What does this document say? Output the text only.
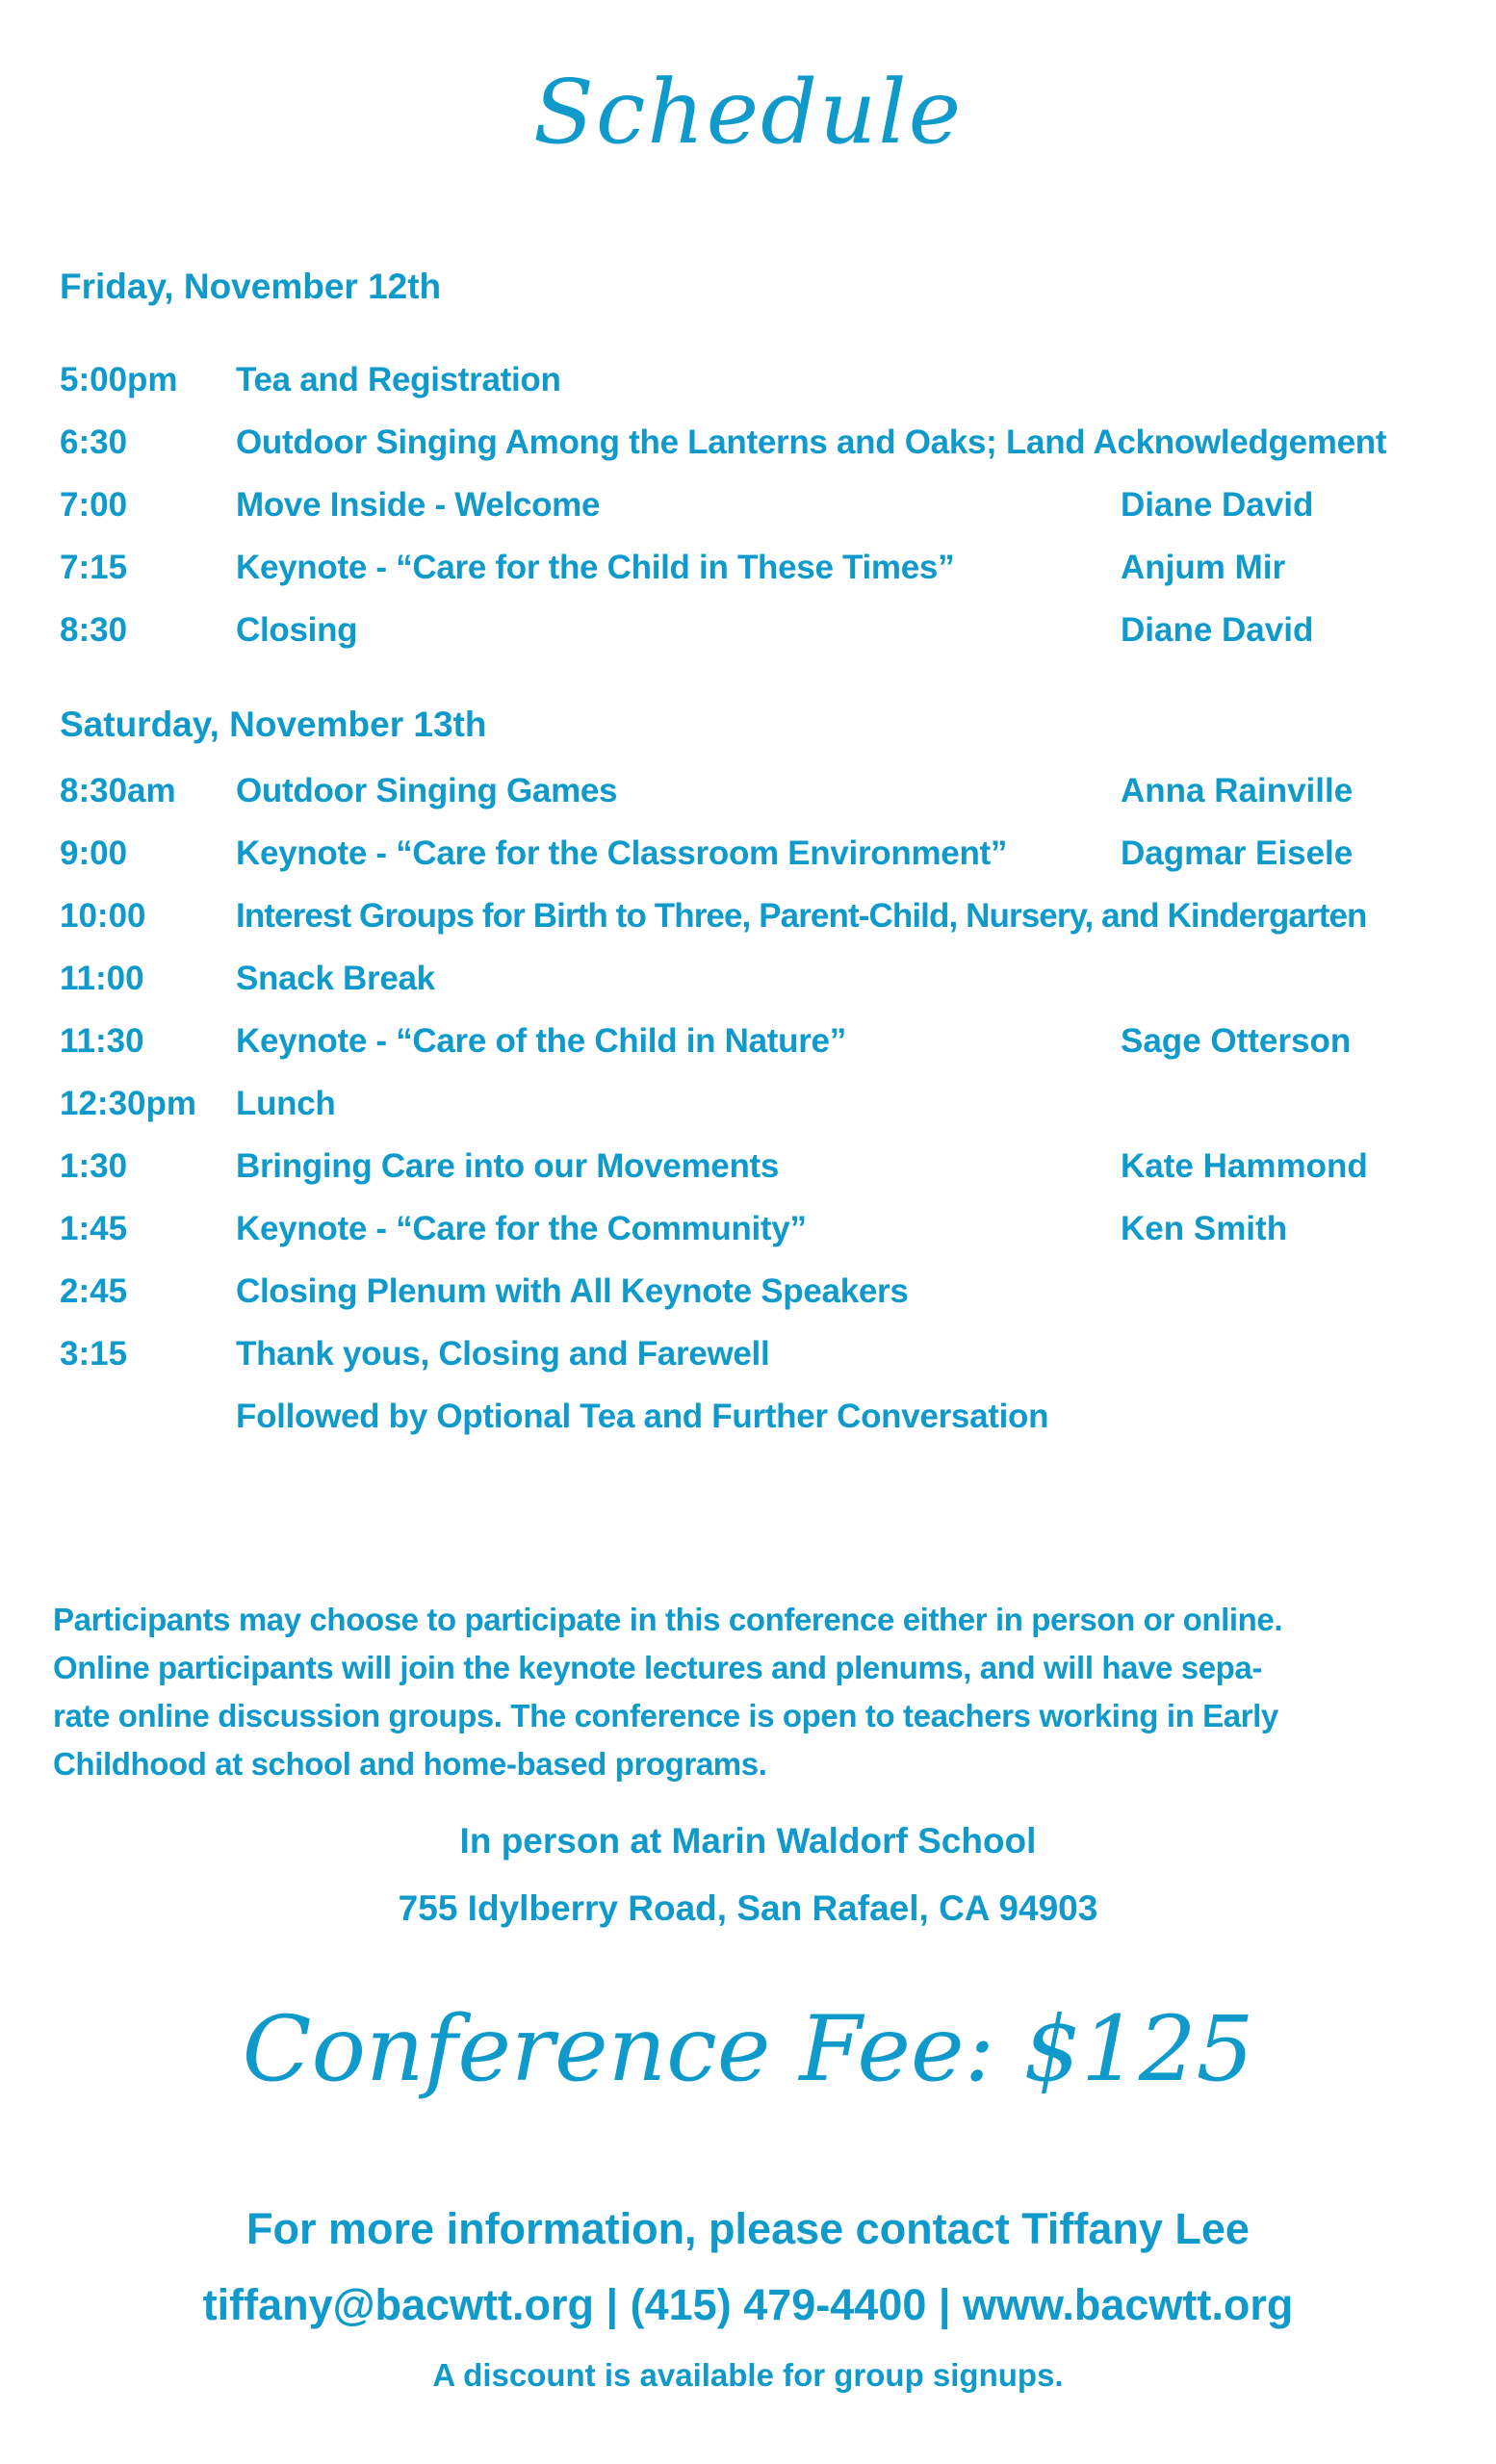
Schedule
Friday, November 12th
5:00pm Tea and Registration
6:30	Outdoor Singing Among the Lanterns and Oaks; Land Acknowledgement
7:00	Move Inside - Welcome	Diane David
7:15	Keynote - “Care for the Child in These Times”	Anjum Mir
8:30	Closing	Diane David
Saturday, November 13th
8:30am Outdoor Singing Games	Anna Rainville
9:00	Keynote - “Care for the Classroom Environment”	Dagmar Eisele
10:00	Interest Groups for Birth to Three, Parent-Child, Nursery, and Kindergarten
11:00	Snack Break
11:30	Keynote - “Care of the Child in Nature”	Sage Otterson
12:30pm Lunch
1:30	Bringing Care into our Movements	Kate Hammond
1:45	Keynote - “Care for the Community”	Ken Smith
2:45	Closing Plenum with All Keynote Speakers
3:15	Thank yous, Closing and Farewell
Followed by Optional Tea and Further Conversation
Participants may choose to participate in this conference either in person or online.
Online participants will join the keynote lectures and plenums, and will have sepa-
rate online discussion groups. The conference is open to teachers working in Early
Childhood at school and home-based programs.
In person at Marin Waldorf School
755 Idylberry Road, San Rafael, CA 94903
Conference Fee: $125
For more information, please contact Tiffany Lee
tiffany@bacwtt.org | (415) 479-4400 | www.bacwtt.org
A discount is available for group signups.
